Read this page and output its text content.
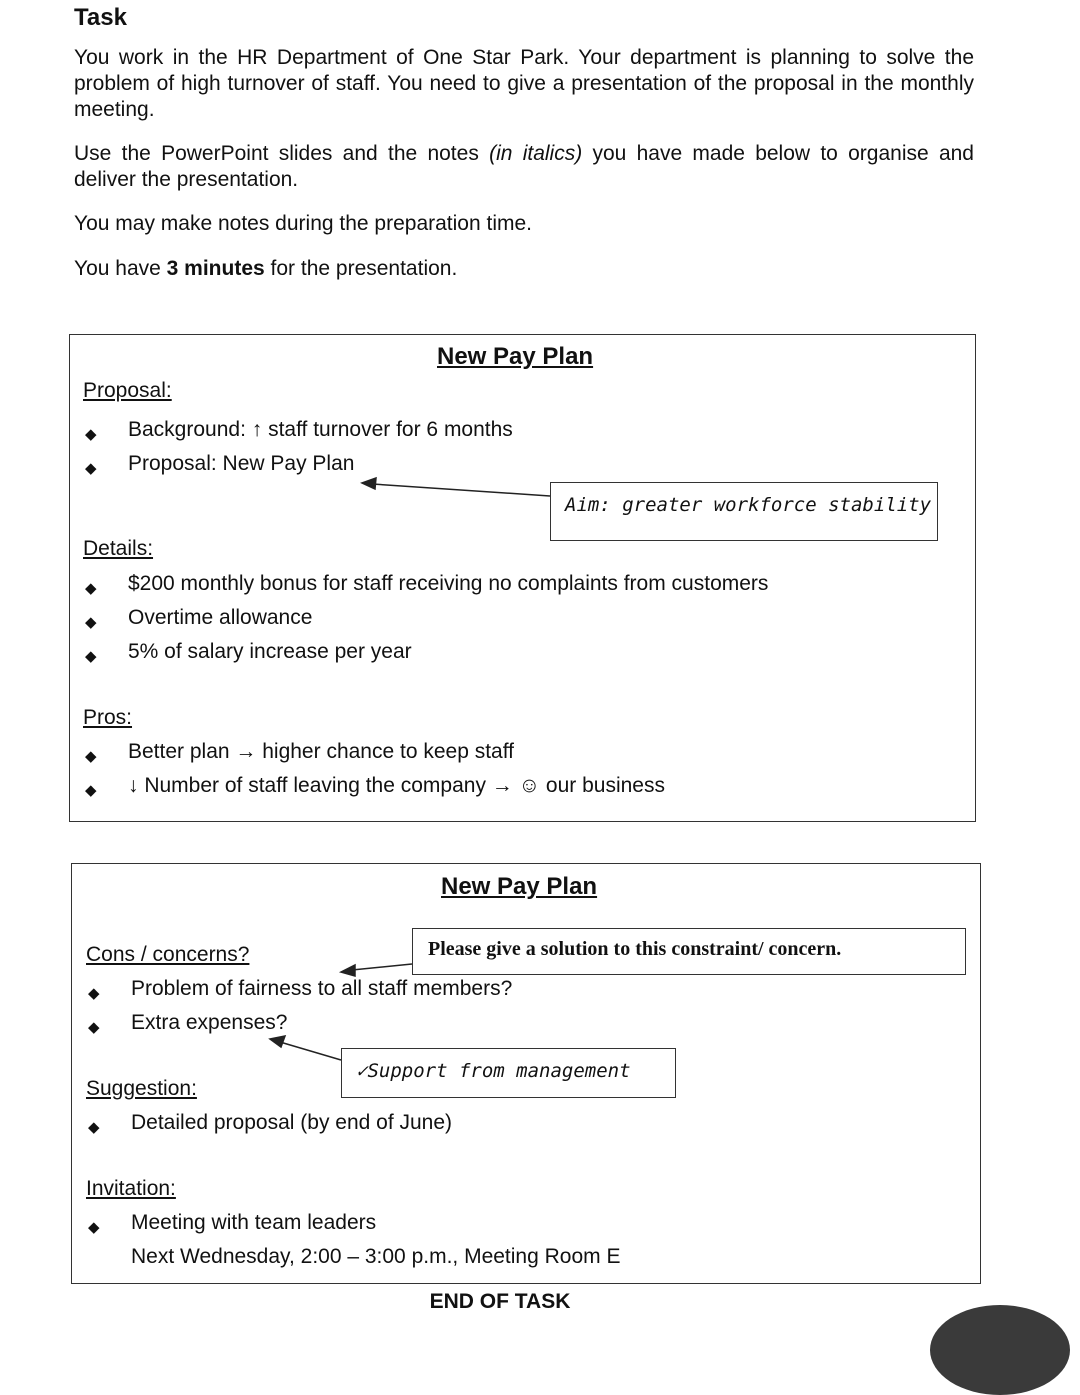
Task
You work in the HR Department of One Star Park. Your department is planning to solve the problem of high turnover of staff. You need to give a presentation of the proposal in the monthly meeting.
Use the PowerPoint slides and the notes (in italics) you have made below to organise and deliver the presentation.
You may make notes during the preparation time.
You have 3 minutes for the presentation.
New Pay Plan
Proposal:
◆ Background: ↑ staff turnover for 6 months
◆ Proposal: New Pay Plan
Aim: greater workforce stability
Details:
◆ $200 monthly bonus for staff receiving no complaints from customers
◆ Overtime allowance
◆ 5% of salary increase per year
Pros:
◆ Better plan → higher chance to keep staff
◆ ↓ Number of staff leaving the company → ☺ our business
New Pay Plan
Please give a solution to this constraint/ concern.
Cons / concerns?
◆ Problem of fairness to all staff members?
◆ Extra expenses?
✓Support from management
Suggestion:
◆ Detailed proposal (by end of June)
Invitation:
◆ Meeting with team leaders
Next Wednesday, 2:00 – 3:00 p.m., Meeting Room E
END OF TASK
